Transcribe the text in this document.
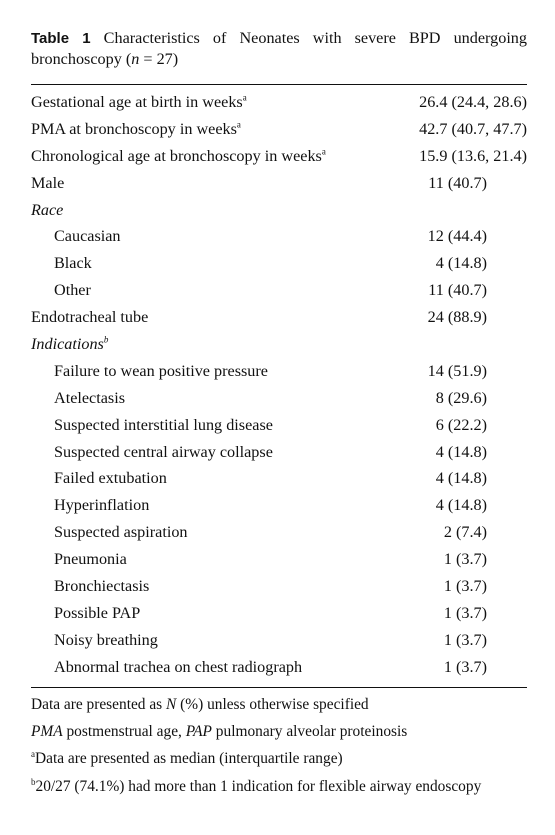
Table 1 Characteristics of Neonates with severe BPD undergoing bronchoscopy (n = 27)
Gestational age at birth in weeks$^a$	26.4 (24.4, 28.6)
PMA at bronchoscopy in weeks$^a$	42.7 (40.7, 47.7)
Chronological age at bronchoscopy in weeks$^a$	15.9 (13.6, 21.4)
Male	11 (40.7)
Race
Caucasian	12 (44.4)
Black	4 (14.8)
Other	11 (40.7)
Endotracheal tube	24 (88.9)
Indications$^b$
Failure to wean positive pressure	14 (51.9)
Atelectasis	8 (29.6)
Suspected interstitial lung disease	6 (22.2)
Suspected central airway collapse	4 (14.8)
Failed extubation	4 (14.8)
Hyperinflation	4 (14.8)
Suspected aspiration	2 (7.4)
Pneumonia	1 (3.7)
Bronchiectasis	1 (3.7)
Possible PAP	1 (3.7)
Noisy breathing	1 (3.7)
Abnormal trachea on chest radiograph	1 (3.7)

Data are presented as N (%) unless otherwise specified

PMA postmenstrual age, PAP pulmonary alveolar proteinosis

$^a$Data are presented as median (interquartile range)

$^b$20/27 (74.1%) had more than 1 indication for flexible airway endoscopy
